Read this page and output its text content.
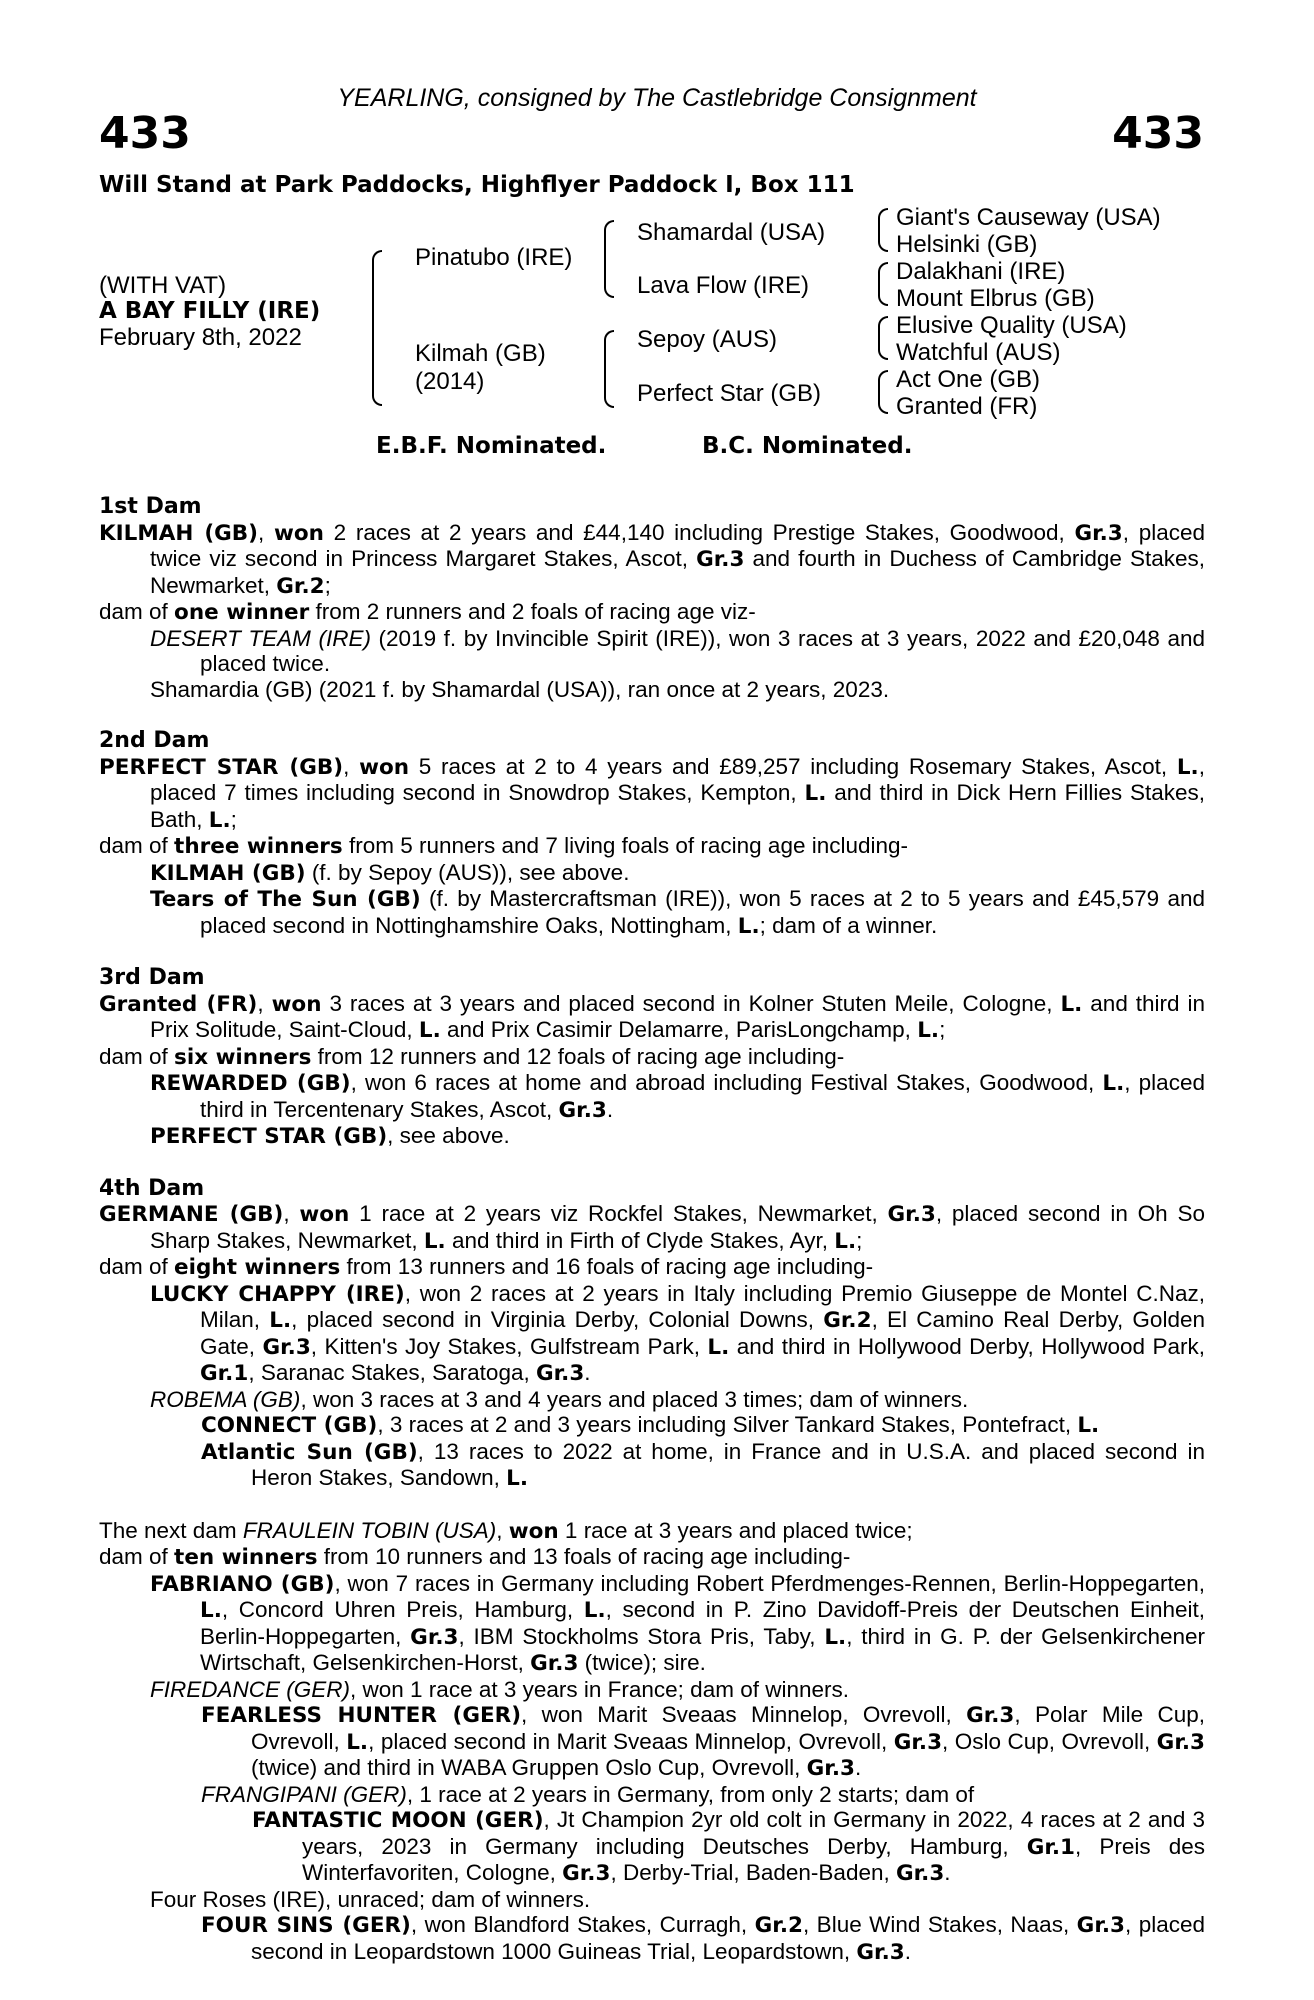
YEARLING, consigned by The Castlebridge Consignment
433	433
Will Stand at Park Paddocks, Highflyer Paddock I, Box 111
(WITH VAT)
A BAY FILLY (IRE)
February 8th, 2022
Pinatubo (IRE)
Kilmah (GB)
(2014)
Shamardal (USA)
Lava Flow (IRE)
Sepoy (AUS)
Perfect Star (GB)
Giant's Causeway (USA)
Helsinki (GB)
Dalakhani (IRE)
Mount Elbrus (GB)
Elusive Quality (USA)
Watchful (AUS)
Act One (GB)
Granted (FR)
E.B.F. Nominated.	B.C. Nominated.
1st Dam
KILMAH (GB), won 2 races at 2 years and £44,140 including Prestige Stakes, Goodwood, Gr.3, placed twice viz second in Princess Margaret Stakes, Ascot, Gr.3 and fourth in Duchess of Cambridge Stakes, Newmarket, Gr.2;
dam of one winner from 2 runners and 2 foals of racing age viz-
DESERT TEAM (IRE) (2019 f. by Invincible Spirit (IRE)), won 3 races at 3 years, 2022 and £20,048 and placed twice.
Shamardia (GB) (2021 f. by Shamardal (USA)), ran once at 2 years, 2023.
2nd Dam
PERFECT STAR (GB), won 5 races at 2 to 4 years and £89,257 including Rosemary Stakes, Ascot, L., placed 7 times including second in Snowdrop Stakes, Kempton, L. and third in Dick Hern Fillies Stakes, Bath, L.;
dam of three winners from 5 runners and 7 living foals of racing age including-
KILMAH (GB) (f. by Sepoy (AUS)), see above.
Tears of The Sun (GB) (f. by Mastercraftsman (IRE)), won 5 races at 2 to 5 years and £45,579 and placed second in Nottinghamshire Oaks, Nottingham, L.; dam of a winner.
3rd Dam
Granted (FR), won 3 races at 3 years and placed second in Kolner Stuten Meile, Cologne, L. and third in Prix Solitude, Saint-Cloud, L. and Prix Casimir Delamarre, ParisLongchamp, L.;
dam of six winners from 12 runners and 12 foals of racing age including-
REWARDED (GB), won 6 races at home and abroad including Festival Stakes, Goodwood, L., placed third in Tercentenary Stakes, Ascot, Gr.3.
PERFECT STAR (GB), see above.
4th Dam
GERMANE (GB), won 1 race at 2 years viz Rockfel Stakes, Newmarket, Gr.3, placed second in Oh So Sharp Stakes, Newmarket, L. and third in Firth of Clyde Stakes, Ayr, L.;
dam of eight winners from 13 runners and 16 foals of racing age including-
LUCKY CHAPPY (IRE), won 2 races at 2 years in Italy including Premio Giuseppe de Montel C.Naz, Milan, L., placed second in Virginia Derby, Colonial Downs, Gr.2, El Camino Real Derby, Golden Gate, Gr.3, Kitten's Joy Stakes, Gulfstream Park, L. and third in Hollywood Derby, Hollywood Park, Gr.1, Saranac Stakes, Saratoga, Gr.3.
ROBEMA (GB), won 3 races at 3 and 4 years and placed 3 times; dam of winners.
CONNECT (GB), 3 races at 2 and 3 years including Silver Tankard Stakes, Pontefract, L.
Atlantic Sun (GB), 13 races to 2022 at home, in France and in U.S.A. and placed second in Heron Stakes, Sandown, L.
The next dam FRAULEIN TOBIN (USA), won 1 race at 3 years and placed twice;
dam of ten winners from 10 runners and 13 foals of racing age including-
FABRIANO (GB), won 7 races in Germany including Robert Pferdmenges-Rennen, Berlin-Hoppegarten, L., Concord Uhren Preis, Hamburg, L., second in P. Zino Davidoff-Preis der Deutschen Einheit, Berlin-Hoppegarten, Gr.3, IBM Stockholms Stora Pris, Taby, L., third in G. P. der Gelsenkirchener Wirtschaft, Gelsenkirchen-Horst, Gr.3 (twice); sire.
FIREDANCE (GER), won 1 race at 3 years in France; dam of winners.
FEARLESS HUNTER (GER), won Marit Sveaas Minnelop, Ovrevoll, Gr.3, Polar Mile Cup, Ovrevoll, L., placed second in Marit Sveaas Minnelop, Ovrevoll, Gr.3, Oslo Cup, Ovrevoll, Gr.3 (twice) and third in WABA Gruppen Oslo Cup, Ovrevoll, Gr.3.
FRANGIPANI (GER), 1 race at 2 years in Germany, from only 2 starts; dam of
FANTASTIC MOON (GER), Jt Champion 2yr old colt in Germany in 2022, 4 races at 2 and 3 years, 2023 in Germany including Deutsches Derby, Hamburg, Gr.1, Preis des Winterfavoriten, Cologne, Gr.3, Derby-Trial, Baden-Baden, Gr.3.
Four Roses (IRE), unraced; dam of winners.
FOUR SINS (GER), won Blandford Stakes, Curragh, Gr.2, Blue Wind Stakes, Naas, Gr.3, placed second in Leopardstown 1000 Guineas Trial, Leopardstown, Gr.3.
